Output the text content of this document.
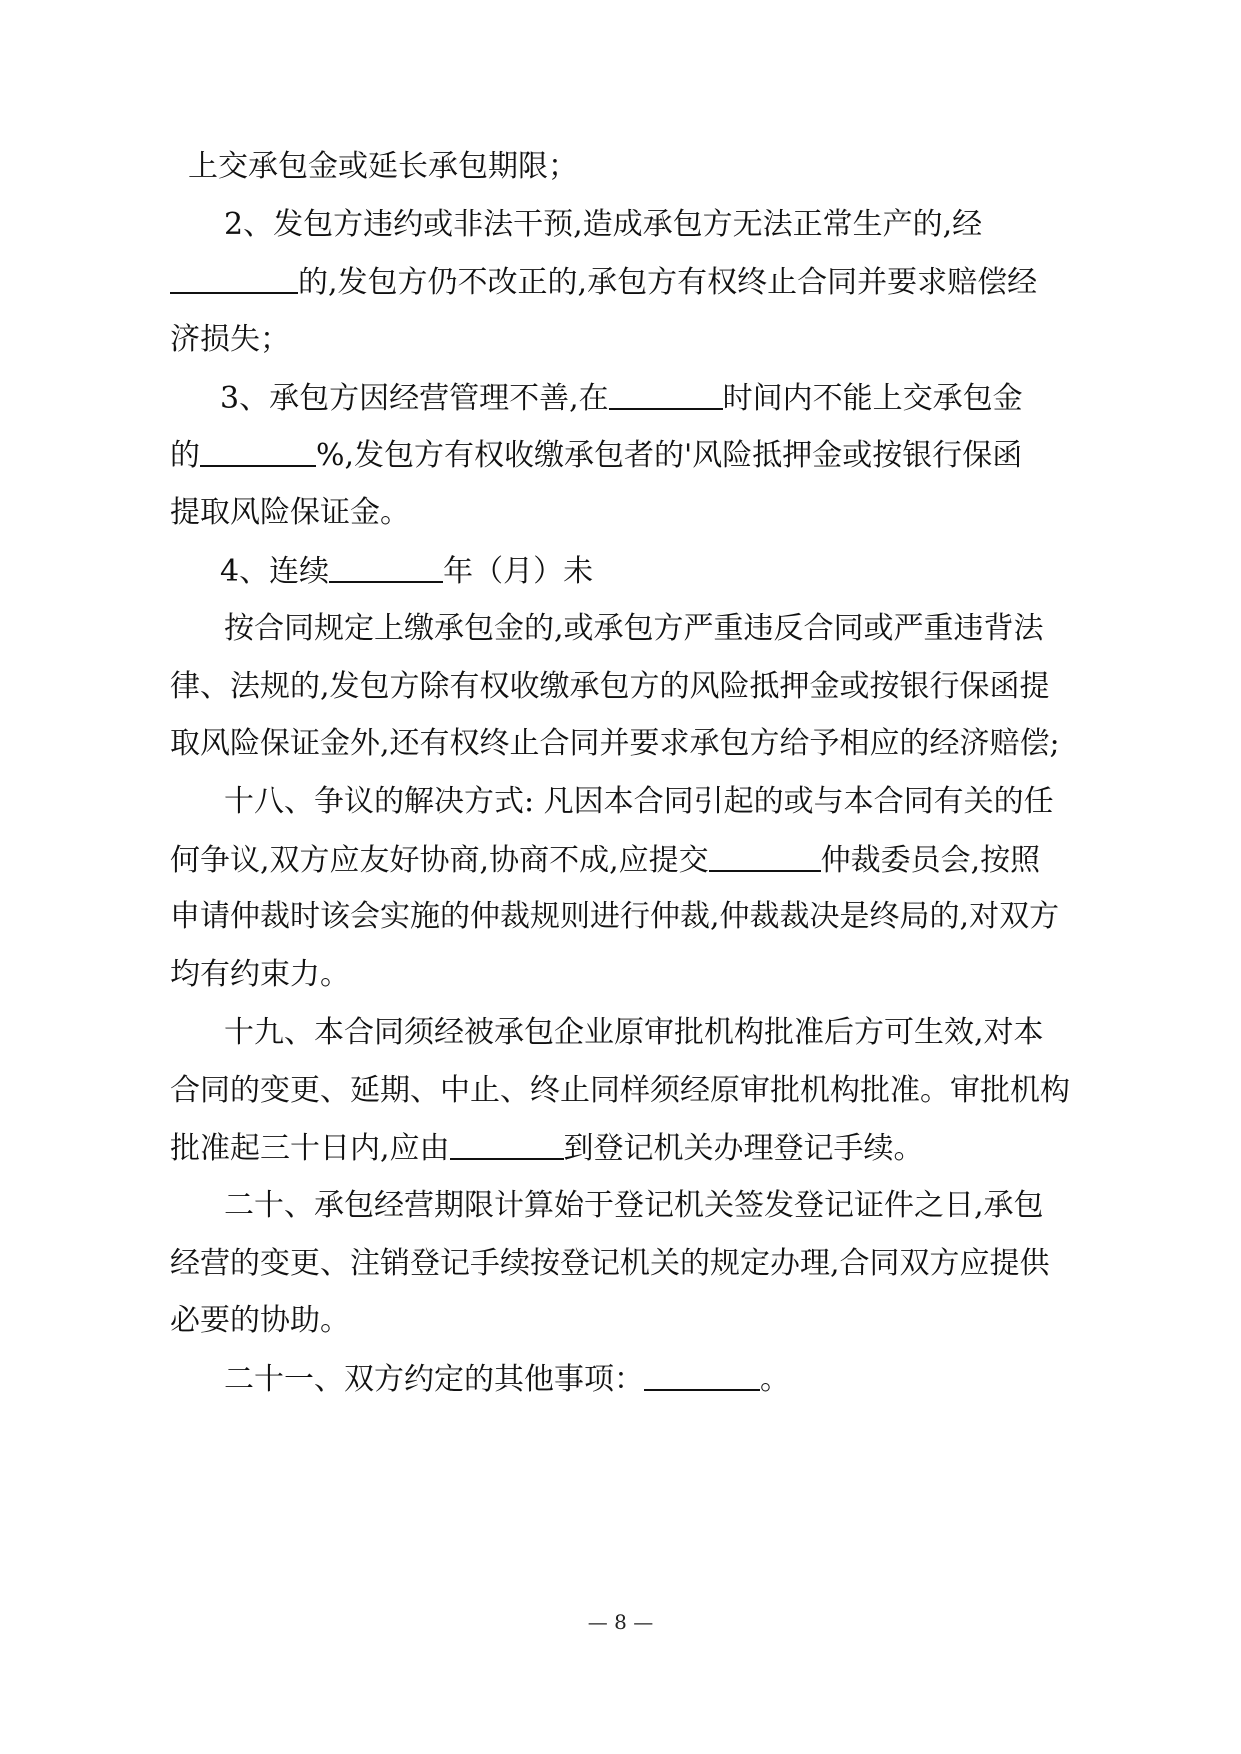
上交承包金或延长承包期限；
2、发包方违约或非法干预,造成承包方无法正常生产的,经
的,发包方仍不改正的,承包方有权终止合同并要求赔偿经
济损失；
3、承包方因经营管理不善,在	时间内不能上交承包金
的	%,发包方有权收缴承包者的'风险抵押金或按银行保函
提取风险保证金。
4、连续	年（月）未
按合同规定上缴承包金的,或承包方严重违反合同或严重违背法
律、法规的,发包方除有权收缴承包方的风险抵押金或按银行保函提
取风险保证金外,还有权终止合同并要求承包方给予相应的经济赔偿;
十八、争议的解决方式: 凡因本合同引起的或与本合同有关的任
何争议,双方应友好协商,协商不成,应提交	仲裁委员会,按照
申请仲裁时该会实施的仲裁规则进行仲裁,仲裁裁决是终局的,对双方
均有约束力。
十九、本合同须经被承包企业原审批机构批准后方可生效,对本
合同的变更、延期、中止、终止同样须经原审批机构批准。审批机构
批准起三十日内,应由	到登记机关办理登记手续。
二十、承包经营期限计算始于登记机关签发登记证件之日,承包
经营的变更、注销登记手续按登记机关的规定办理,合同双方应提供
必要的协助。
二十一、双方约定的其他事项：	。
— 8 —
